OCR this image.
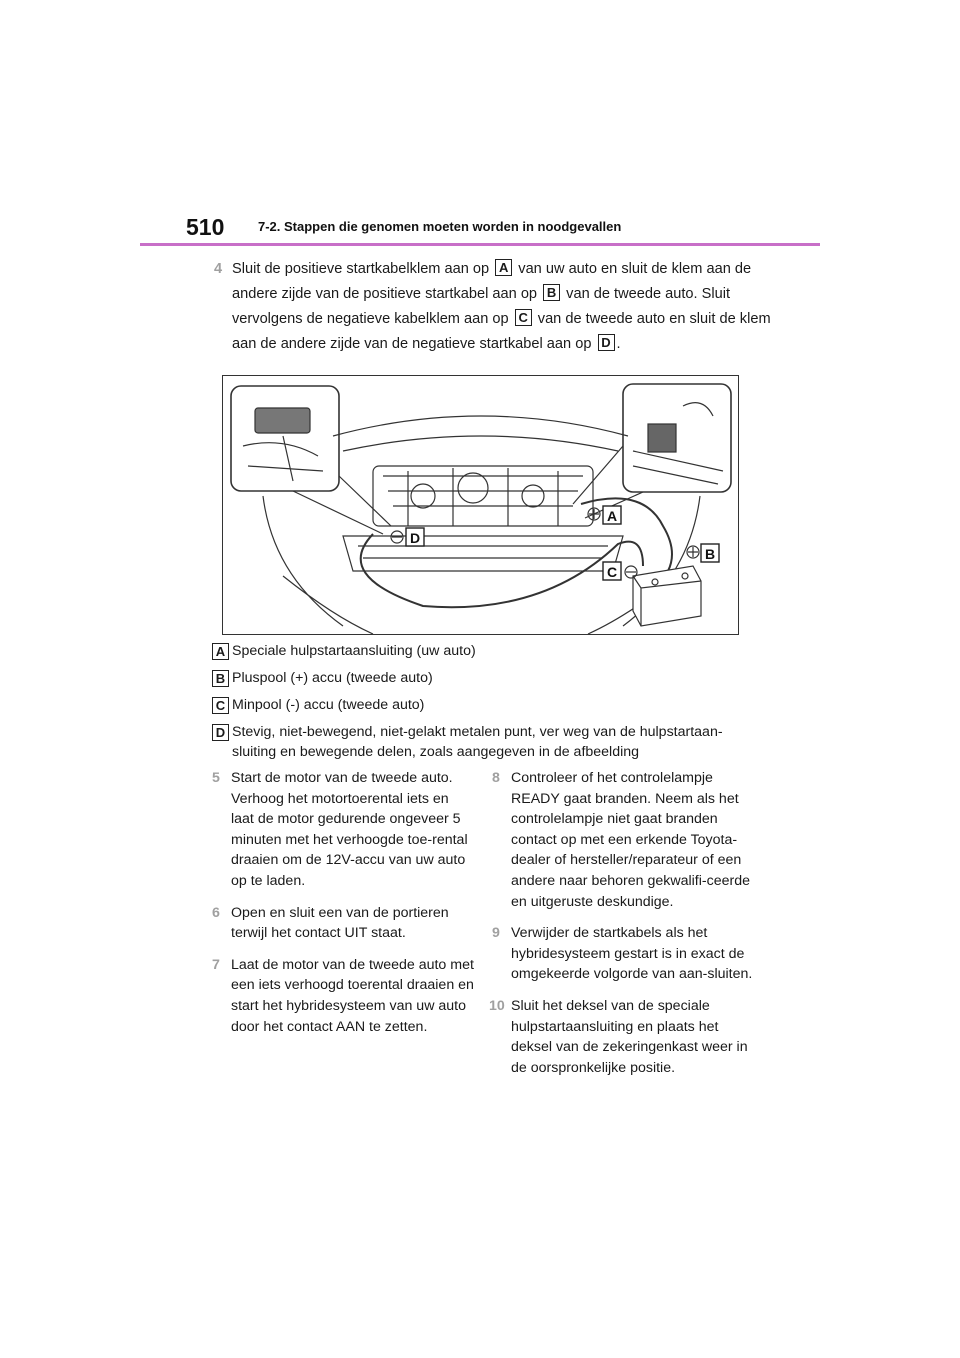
510	7-2. Stappen die genomen moeten worden in noodgevallen
4 Sluit de positieve startkabelklem aan op A van uw auto en sluit de klem aan de andere zijde van de positieve startkabel aan op B van de tweede auto. Sluit vervolgens de negatieve kabelklem aan op C van de tweede auto en sluit de klem aan de andere zijde van de negatieve startkabel aan op D .
A
B
C
D
A Speciale hulpstartaansluiting (uw auto)
B Pluspool (+) accu (tweede auto)
C Minpool (-) accu (tweede auto)
D Stevig, niet-bewegend, niet-gelakt metalen punt, ver weg van de hulpstartaan-sluiting en bewegende delen, zoals aangegeven in de afbeelding
5 Start de motor van de tweede auto. Verhoog het motortoerental iets en laat de motor gedurende ongeveer 5 minuten met het verhoogde toe-rental draaien om de 12V-accu van uw auto op te laden.
6 Open en sluit een van de portieren terwijl het contact UIT staat.
7 Laat de motor van de tweede auto met een iets verhoogd toerental draaien en start het hybridesysteem van uw auto door het contact AAN te zetten.
8 Controleer of het controlelampje READY gaat branden. Neem als het controlelampje niet gaat branden contact op met een erkende Toyota-dealer of hersteller/reparateur of een andere naar behoren gekwalifi-ceerde en uitgeruste deskundige.
9 Verwijder de startkabels als het hybridesysteem gestart is in exact de omgekeerde volgorde van aan-sluiten.
10 Sluit het deksel van de speciale hulpstartaansluiting en plaats het deksel van de zekeringenkast weer in de oorspronkelijke positie.
